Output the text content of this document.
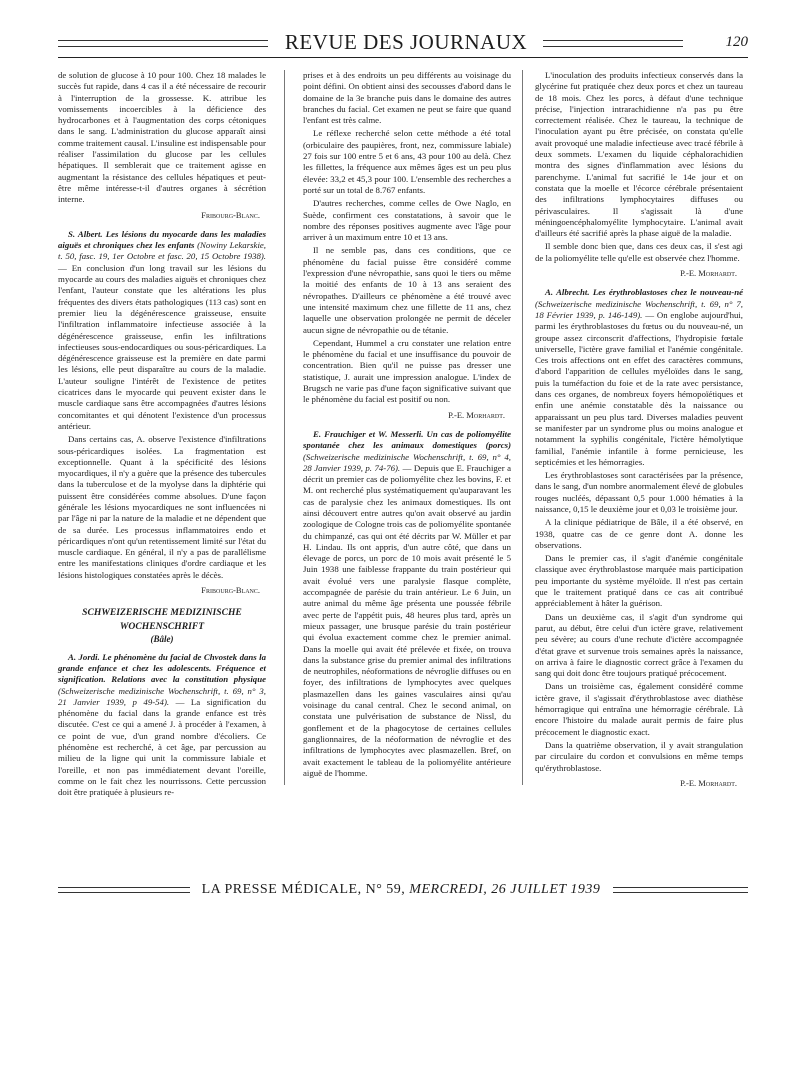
REVUE DES JOURNAUX	120

de solution de glucose à 10 pour 100. Chez 18 malades le succès fut rapide, dans 4 cas il a été nécessaire de recourir à l'interruption de la grossesse. K. attribue les vomissements incoercibles à la déficience des hydrocarbones et à l'augmentation des corps cétoniques dans le sang. L'administration du glucose apparaît ainsi comme traitement causal. L'insuline est indispensable pour réaliser l'assimilation du glucose par les cellules hépatiques. Il semblerait que ce traitement agisse en augmentant la résistance des cellules hépatiques et peut-être même intéresse-t-il d'autres organes à sécrétion interne.

Fribourg-Blanc.

S. Albert. Les lésions du myocarde dans les maladies aiguës et chroniques chez les enfants (Nowiny Lekarskie, t. 50, fasc. 19, 1er Octobre et fasc. 20, 15 Octobre 1938). — En conclusion d'un long travail sur les lésions du myocarde au cours des maladies aiguës et chroniques chez l'enfant, l'auteur constate que les altérations les plus fréquentes des divers états pathologiques (113 cas) sont en premier lieu la dégénérescence graisseuse, ensuite l'infiltration inflammatoire infectieuse associée à la dégénérescence graisseuse, enfin les infiltrations infectieuses sous-endocardiques ou sous-péricardiques. La dégénérescence graisseuse est la première en date parmi les lésions, elle peut disparaître au cours de la maladie. L'auteur souligne l'intérêt de l'existence de petites cicatrices dans le myocarde qui peuvent exister dans le muscle cardiaque sans être accompagnées d'autres lésions concomitantes et qui dénotent l'existence d'un processus antérieur.

Dans certains cas, A. observe l'existence d'infiltrations sous-péricardiques isolées. La fragmentation est exceptionnelle. Quant à la spécificité des lésions myocardiques, il n'y a guère que la présence des tubercules dans la tuberculose et de la myolyse dans la diphtérie qui puissent être considérées comme absolues. D'une façon générale les lésions myocardiques ne sont influencées ni par l'âge ni par la nature de la maladie et ne dépendent que de sa durée. Les processus inflammatoires endo et péricardiques n'ont qu'un retentissement limité sur l'état du muscle cardiaque. En général, il n'y a pas de parallélisme entre les manifestations cliniques d'ordre cardiaque et les lésions histologiques constatées après le décès.

Fribourg-Blanc.
SCHWEIZERISCHE MEDIZINISCHE WOCHENSCHRIFT
(Bâle)

A. Jordi. Le phénomène du facial de Chvostek dans la grande enfance et chez les adolescents. Fréquence et signification. Relations avec la constitution physique (Schweizerische medizinische Wochenschrift, t. 69, n° 3, 21 Janvier 1939, p 49-54). — La signification du phénomène du facial dans la grande enfance est très discutée. C'est ce qui a amené J. à procéder à l'examen, à ce point de vue, d'un grand nombre d'écoliers. Ce phénomène est recherché, à cet âge, par percussion au milieu de la ligne qui unit la commissure labiale et l'oreille, et non pas immédiatement devant l'oreille, comme on le fait chez les nourrissons. Cette percussion doit être pratiquée à plusieurs re-

prises et à des endroits un peu différents au voisinage du point défini. On obtient ainsi des secousses d'abord dans le domaine de la 3e branche puis dans le domaine des autres branches du facial. Cet examen ne peut se faire que quand l'enfant est très calme.

Le réflexe recherché selon cette méthode a été total (orbiculaire des paupières, front, nez, commissure labiale) 27 fois sur 100 entre 5 et 6 ans, 43 pour 100 au delà. Chez les fillettes, la fréquence aux mêmes âges est un peu plus élevée: 33,2 et 45,3 pour 100. L'ensemble des recherches a porté sur un total de 8.767 enfants.

D'autres recherches, comme celles de Owe Naglo, en Suède, confirment ces constatations, à savoir que le nombre des réponses positives augmente avec l'âge pour arriver à un maximum entre 10 et 13 ans.

Il ne semble pas, dans ces conditions, que ce phénomène du facial puisse être considéré comme l'expression d'une névropathie, sans quoi le tiers ou même la moitié des enfants de 10 à 13 ans seraient des névropathes. D'ailleurs ce phénomène a été trouvé avec une intensité maximum chez une fillette de 11 ans, chez laquelle une observation prolongée ne permit de déceler aucun signe de névropathie ou de tétanie.

Cependant, Hummel a cru constater une relation entre le phénomène du facial et une insuffisance du pouvoir de concentration. Bien qu'il ne puisse pas dresser une statistique, J. aurait une impression analogue. L'index de Brugsch ne varie pas d'une façon significative suivant que le phénomène du facial est positif ou non.

P.-E. Morhardt.

E. Frauchiger et W. Messerli. Un cas de poliomyélite spontanée chez les animaux domestiques (porcs) (Schweizerische medizinische Wochenschrift, t. 69, n° 4, 28 Janvier 1939, p. 74-76). — Depuis que E. Frauchiger a décrit un premier cas de poliomyélite chez les bovins, F. et M. ont recherché plus systématiquement qu'auparavant les cas de paralysie chez les animaux domestiques. Ils ont ainsi découvert entre autres qu'on avait observé au jardin zoologique de Cologne trois cas de poliomyélite spontanée du chimpanzé, cas qui ont été décrits par W. Müller et par H. Lindau. Ils ont appris, d'un autre côté, que dans un élevage de porcs, un porc de 10 mois avait présenté le 5 Juin 1938 une faiblesse frappante du train postérieur qui avait évolué vers une paralysie flasque complète, accompagnée de parésie du train antérieur. Le 6 Juin, un autre animal du même âge présenta une poussée fébrile avec perte de l'appétit puis, 48 heures plus tard, après un mieux passager, une brusque parésie du train postérieur qui évolua exactement comme chez le premier animal. Dans la moelle qui avait été prélevée et fixée, on trouva dans la substance grise du premier animal des infiltrations de neutrophiles, néoformations de névroglie diffuses ou en foyer, des infiltrations de lymphocytes avec quelques plasmazellen dans les gaines vasculaires ainsi qu'au voisinage du canal central. Chez le second animal, on constata une pulvérisation de substance de Nissl, du gonflement et de la phagocytose de certaines cellules ganglionnaires, de la néoformation de névroglie et des infiltrations de lymphocytes avec plasmazellen. Bref, on avait exactement le tableau de la poliomyélite antérieure aiguë de l'homme.

L'inoculation des produits infectieux conservés dans la glycérine fut pratiquée chez deux porcs et chez un taureau de 18 mois. Chez les porcs, à défaut d'une technique précise, l'injection intrarachidienne n'a pas pu être correctement réalisée. Chez le taureau, la technique de l'inoculation ayant pu être précisée, on constata qu'elle avait provoqué une maladie infectieuse avec tracé fébrile à deux sommets. L'examen du liquide céphalorachidien montra des signes d'inflammation avec lésions du parenchyme. L'animal fut sacrifié le 14e jour et on constata que la moelle et l'écorce cérébrale présentaient des infiltrations lymphocytaires diffuses ou périvasculaires. Il s'agissait là d'une méningoencéphalomyélite lymphocytaire. L'animal avait d'ailleurs été sacrifié après la phase aiguë de la maladie.

Il semble donc bien que, dans ces deux cas, il s'est agi de la poliomyélite telle qu'elle est observée chez l'homme.

P.-E. Morhardt.

A. Albrecht. Les érythroblastoses chez le nouveau-né (Schweizerische medizinische Wochenschrift, t. 69, n° 7, 18 Février 1939, p. 146-149). — On englobe aujourd'hui, parmi les érythroblastoses du fœtus ou du nouveau-né, un groupe assez circonscrit d'affections, l'hydropisie fœtale universelle, l'ictère grave familial et l'anémie congénitale. Ces trois affections ont en effet des caractères communs, d'abord l'apparition de cellules myéloïdes dans le sang, puis la tuméfaction du foie et de la rate avec persistance, dans ces organes, de nombreux foyers hémopoïétiques et enfin une anémie constatable dès la naissance ou apparaissant un peu plus tard. Diverses maladies peuvent se manifester par un syndrome plus ou moins analogue et notamment la syphilis congénitale, l'ictère hémolytique familial, l'anémie infantile à forme pernicieuse, les septicémies et les hémorragies.

Les érythroblastoses sont caractérisées par la présence, dans le sang, d'un nombre anormalement élevé de globules rouges nucléés, dépassant 0,5 pour 1.000 hématies à la naissance, 0,15 le deuxième jour et 0,03 le troisième jour.

A la clinique pédiatrique de Bâle, il a été observé, en 1938, quatre cas de ce genre dont A. donne les observations.

Dans le premier cas, il s'agit d'anémie congénitale classique avec érythroblastose marquée mais participation peu importante du système myéloïde. Il n'est pas certain que le traitement pratiqué dans ce cas ait contribué appréciablement à hâter la guérison.

Dans un deuxième cas, il s'agit d'un syndrome qui parut, au début, être celui d'un ictère grave, relativement peu sévère; au cours d'une rechute d'ictère accompagnée d'état grave et survenue trois semaines après la naissance, on arriva à faire le diagnostic correct grâce à l'examen du sang qui doit donc être toujours pratiqué précocement.

Dans un troisième cas, également considéré comme ictère grave, il s'agissait d'érythroblastose avec diathèse hémorragique qui entraîna une hémorragie cérébrale. Là encore l'histoire du malade aurait permis de faire plus précocement le diagnostic exact.

Dans la quatrième observation, il y avait strangulation par circulaire du cordon et convulsions en même temps qu'érythroblastose.

P.-E. Morhardt.
LA PRESSE MÉDICALE, N° 59, MERCREDI, 26 JUILLET 1939
